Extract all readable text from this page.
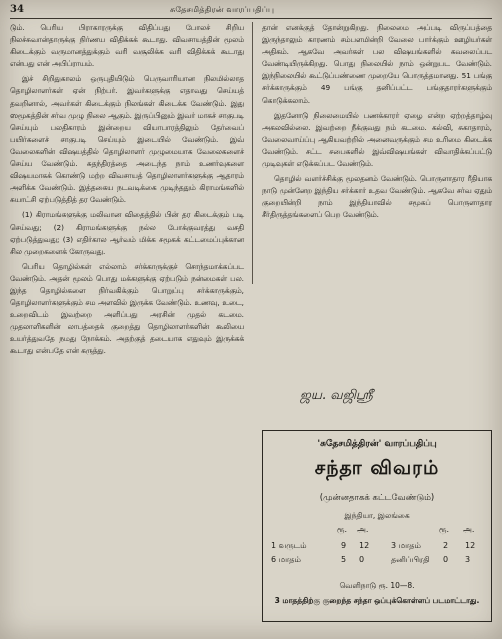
34	சுதேசமித்திரன் வாரப்பதிப்பு

டும். பெரிய பிராகாரருக்கு விதிப்பது போலச் சிறிய நிலச்சுவான்தாருக்கு நிர்ணய விதிக்கக் கூடாது. விவசாயத்தின் மூலம் கிடைக்கும் வருமானத்துக்கும் வரி வசூலிக்க வரி விதிக்கக் கூடாது என்பது என் அபிப்ராயம்.

இச் சிறிதுகாலம் ஒருபுதியிடும் பெருவாரியான நிலமில்லாத தொழிலாளர்கள் ஏன் நிற்பர். இவர்களுக்கு எதாவது செய்யத் தவறினால், அவர்கள் கிடைக்கும் நிலங்கள் கிடைக்க வேண்டும். இது ஸமூகத்தின் சர்வ முழு நிலை ஆகும். இருப்பினும் இவர் மாகச் சாகுபடி செய்யும் பலதிகாரம் இன்றைய வியாபாரத்திலும் தேர்வைப் பயிர்களைச் சாகுபடி செய்யும் இடையில் வேண்டும். இவ் வேலைகளின் விஷயத்தில் தொழிலாளர் முழுமையாக வேலைகளைச் செய்ய வேண்டும். சுதந்திரத்தை அடைந்த நாம் உணர்வுகளை விஷயமாகக் கொண்டு மற்ற விவசாயத் தொழிலாளர்களுக்கு ஆதாரம் அளிக்க வேண்டும். இத்தகைய நடவடிக்கை முடிந்ததும் கிராமங்களில் சுயாட்சி ஏற்படுத்தித் தர வேண்டும்.

(1) கிராமங்களுக்கு மலிவான விதைத்தில் பின் தர கிடைக்கும் படி செய்வது; (2) கிராமங்களுக்கு நல்ல போக்குவரத்து வசதி ஏற்படுத்துவது; (3) எதிர்கால ஆர்வம் மிக்க சமூகக் கட்டமைப்புக்கான சில முறைகளைக் கோருவது.

பெரிய தொழில்கள் எல்லாம் சர்க்காருக்குச் சொந்தமாக்கப்பட வேண்டும். அதன் மூலம் பொது மக்களுக்கு ஏற்படும் நன்மைகள் பல. இந்த தொழில்களை நிர்வகிக்கும் பொறுப்பு சர்க்காருக்கும், தொழிலாளர்களுக்கும் சம அளவில் இருக்க வேண்டும். உணவு, உடை, உறைவிடம் இவற்றை அளிப்பது அரசின் முதல் கடமை. முதலாளிகளின் லாபத்தைக் குறைத்து தொழிலாளர்களின் கூலியை உயர்த்துவதே நமது நோக்கம். அதற்குத் தடையாக எதுவும் இருக்கக் கூடாது என்பதே என் கருத்து.

தான் எனக்குத் தோன்றுகிறது. நிலைமை அப்படி விருப்பத்தை இருந்தாலும் காரணம் சம்பளமின்றி வேலை பார்க்கும் ஊழியர்கள் அதிகம். ஆகவே அவர்கள் பல விஷயங்களில் கவலைப்பட வேண்டியிருக்கிறது. பொது நிலையில் நாம் ஒன்றுபட வேண்டும். இந்நிலையில் கூட்டுப்பண்ணை முறையே பொருத்தமானது. 51 பங்கு சர்க்காருக்கும் 49 பங்கு தனிப்பட்ட பங்குதாரர்களுக்கும் கொடுக்கலாம்.

இதனோடு நிலைமையில் பணக்காரர் ஏழை என்ற ஏற்றத்தாழ்வு அகலவில்லை. இவற்றை நீக்குவது நம் கடமை. கல்வி, சுகாதாரம், வேலைவாய்ப்பு ஆகியவற்றில் அனைவருக்கும் சம உரிமை கிடைக்க வேண்டும். சட்ட சபைகளில் இவ்விஷயங்கள் விவாதிக்கப்பட்டு முடிவுகள் எடுக்கப்பட வேண்டும்.

தொழில் வளர்ச்சிக்கு மூலதனம் வேண்டும். பொருளாதார ரீதியாக நாடு முன்னேற இந்திய சர்க்கார் உதவ வேண்டும். ஆகவே சர்வ ஏதும் குறையின்றி நாம் இந்தியாவில் சமூகப் பொருளாதார சீர்திருத்தங்களைப் பெற வேண்டும்.

ஜய. வஜிஸ்ரீ
'சுதேசமித்திரன்' வாரப்பதிப்பு
சந்தா விவரம்
(முன்னதாகக் கட்டவேண்டும்)
இந்தியா, இலங்கை
ரூ. அ.	ரூ. அ.
1 வருடம்	9 12	3 மாதம்	2 12
6 மாதம்	5 0	தனிப்பிரதி 0 3
வெளிநாடு ரூ. 10—8.
3 மாதத்திற்கு குறைந்த சந்தா ஒப்புக்கொள்ளப் படமாட்டாது.
